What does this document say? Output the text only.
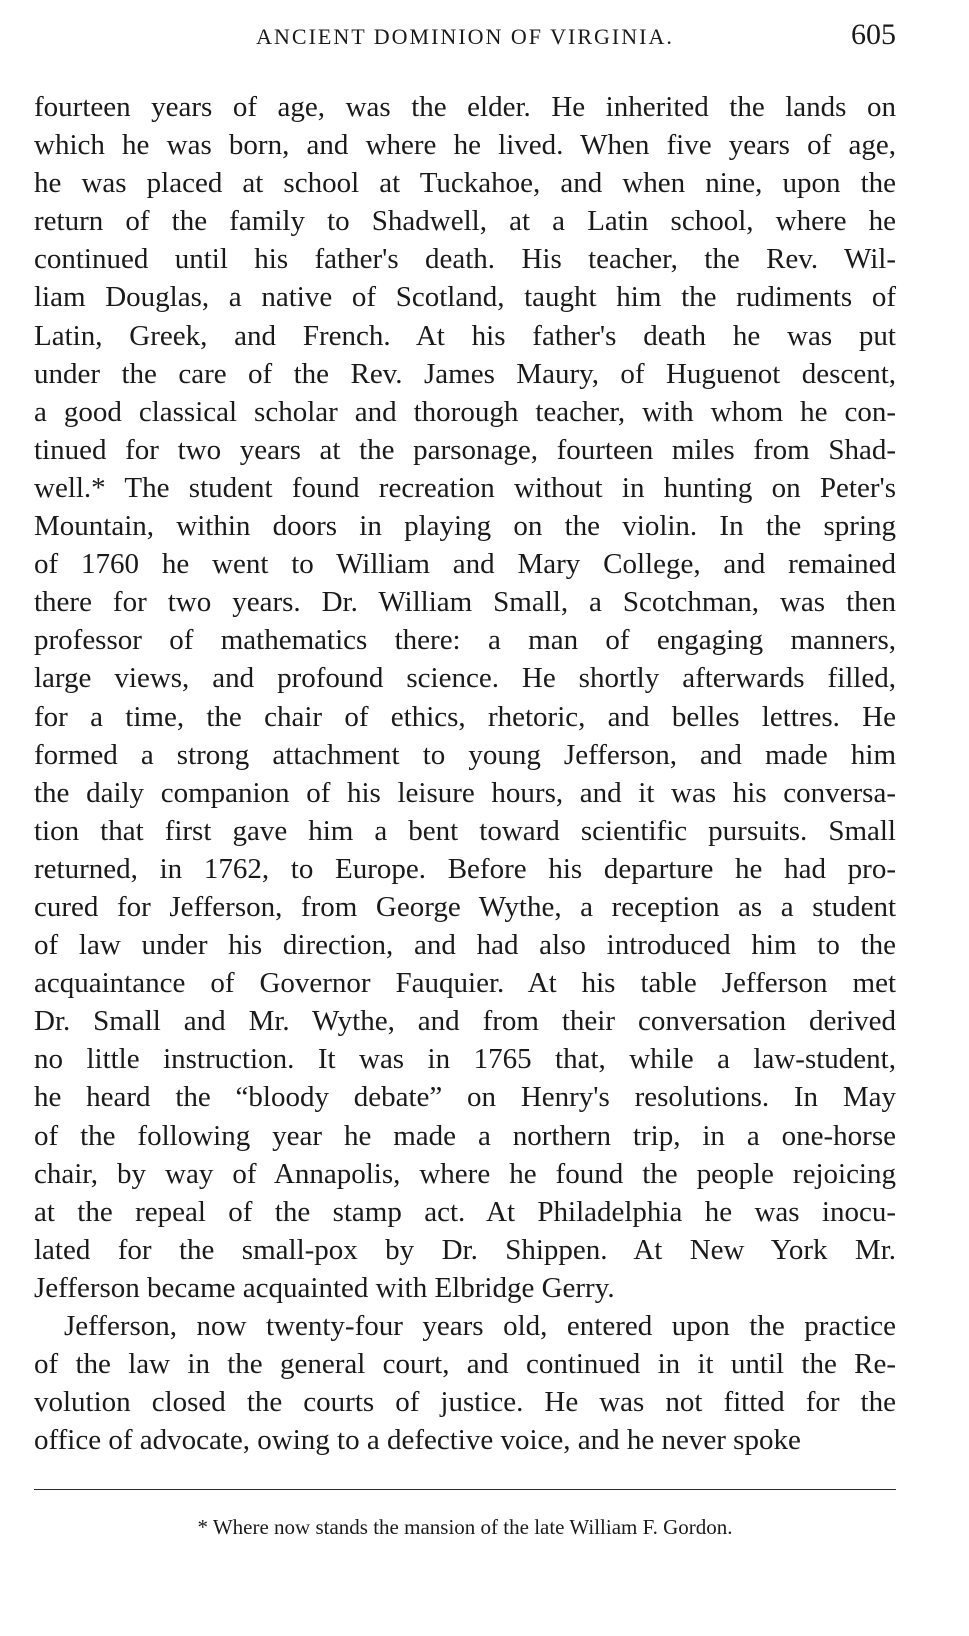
ANCIENT DOMINION OF VIRGINIA.	605
fourteen years of age, was the elder. He inherited the lands on
which he was born, and where he lived. When five years of age,
he was placed at school at Tuckahoe, and when nine, upon the
return of the family to Shadwell, at a Latin school, where he
continued until his father's death. His teacher, the Rev. Wil-
liam Douglas, a native of Scotland, taught him the rudiments of
Latin, Greek, and French. At his father's death he was put
under the care of the Rev. James Maury, of Huguenot descent,
a good classical scholar and thorough teacher, with whom he con-
tinued for two years at the parsonage, fourteen miles from Shad-
well.* The student found recreation without in hunting on Peter's
Mountain, within doors in playing on the violin. In the spring
of 1760 he went to William and Mary College, and remained
there for two years. Dr. William Small, a Scotchman, was then
professor of mathematics there: a man of engaging manners,
large views, and profound science. He shortly afterwards filled,
for a time, the chair of ethics, rhetoric, and belles lettres. He
formed a strong attachment to young Jefferson, and made him
the daily companion of his leisure hours, and it was his conversa-
tion that first gave him a bent toward scientific pursuits. Small
returned, in 1762, to Europe. Before his departure he had pro-
cured for Jefferson, from George Wythe, a reception as a student
of law under his direction, and had also introduced him to the
acquaintance of Governor Fauquier. At his table Jefferson met
Dr. Small and Mr. Wythe, and from their conversation derived
no little instruction. It was in 1765 that, while a law-student,
he heard the “bloody debate” on Henry's resolutions. In May
of the following year he made a northern trip, in a one-horse
chair, by way of Annapolis, where he found the people rejoicing
at the repeal of the stamp act. At Philadelphia he was inocu-
lated for the small-pox by Dr. Shippen. At New York Mr.
Jefferson became acquainted with Elbridge Gerry.
Jefferson, now twenty-four years old, entered upon the practice
of the law in the general court, and continued in it until the Re-
volution closed the courts of justice. He was not fitted for the
office of advocate, owing to a defective voice, and he never spoke
* Where now stands the mansion of the late William F. Gordon.
